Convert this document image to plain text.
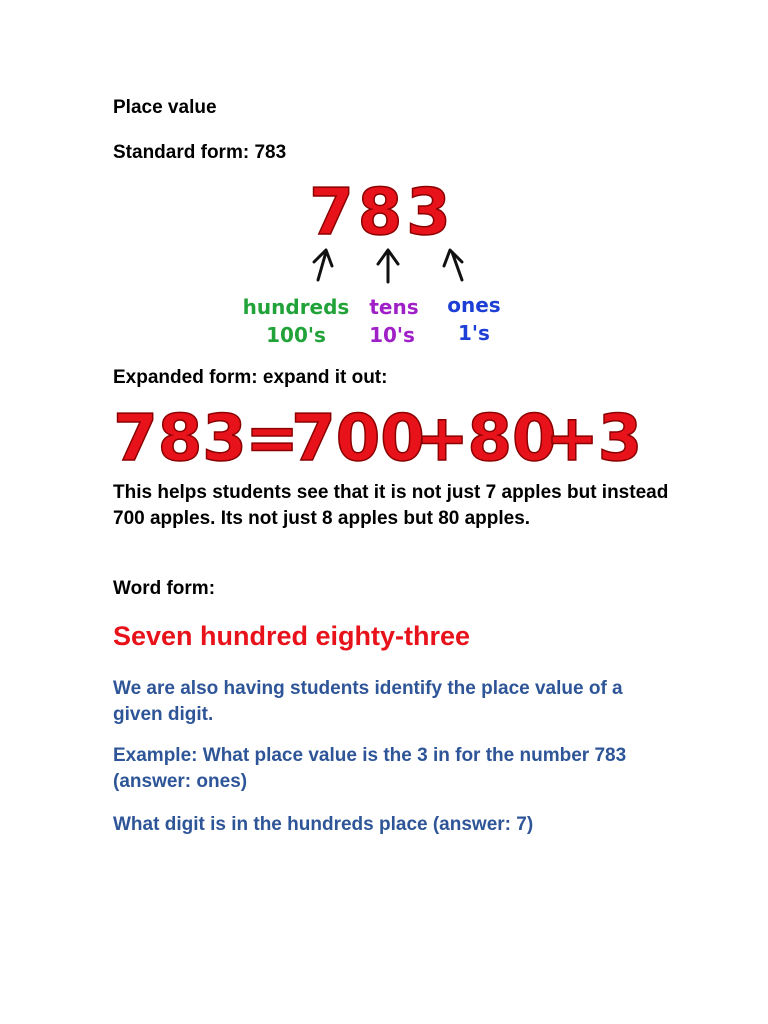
Place value
Standard form: 783
783
hundreds
100's
tens
10's
ones
1's
Expanded form: expand it out:
783
=
700
+
80
+
3
This helps students see that it is not just 7 apples but instead 700 apples. Its not just 8 apples but 80 apples.
Word form:
Seven hundred eighty-three
We are also having students identify the place value of a given digit.
Example: What place value is the 3 in for the number 783 (answer: ones)
What digit is in the hundreds place (answer: 7)
